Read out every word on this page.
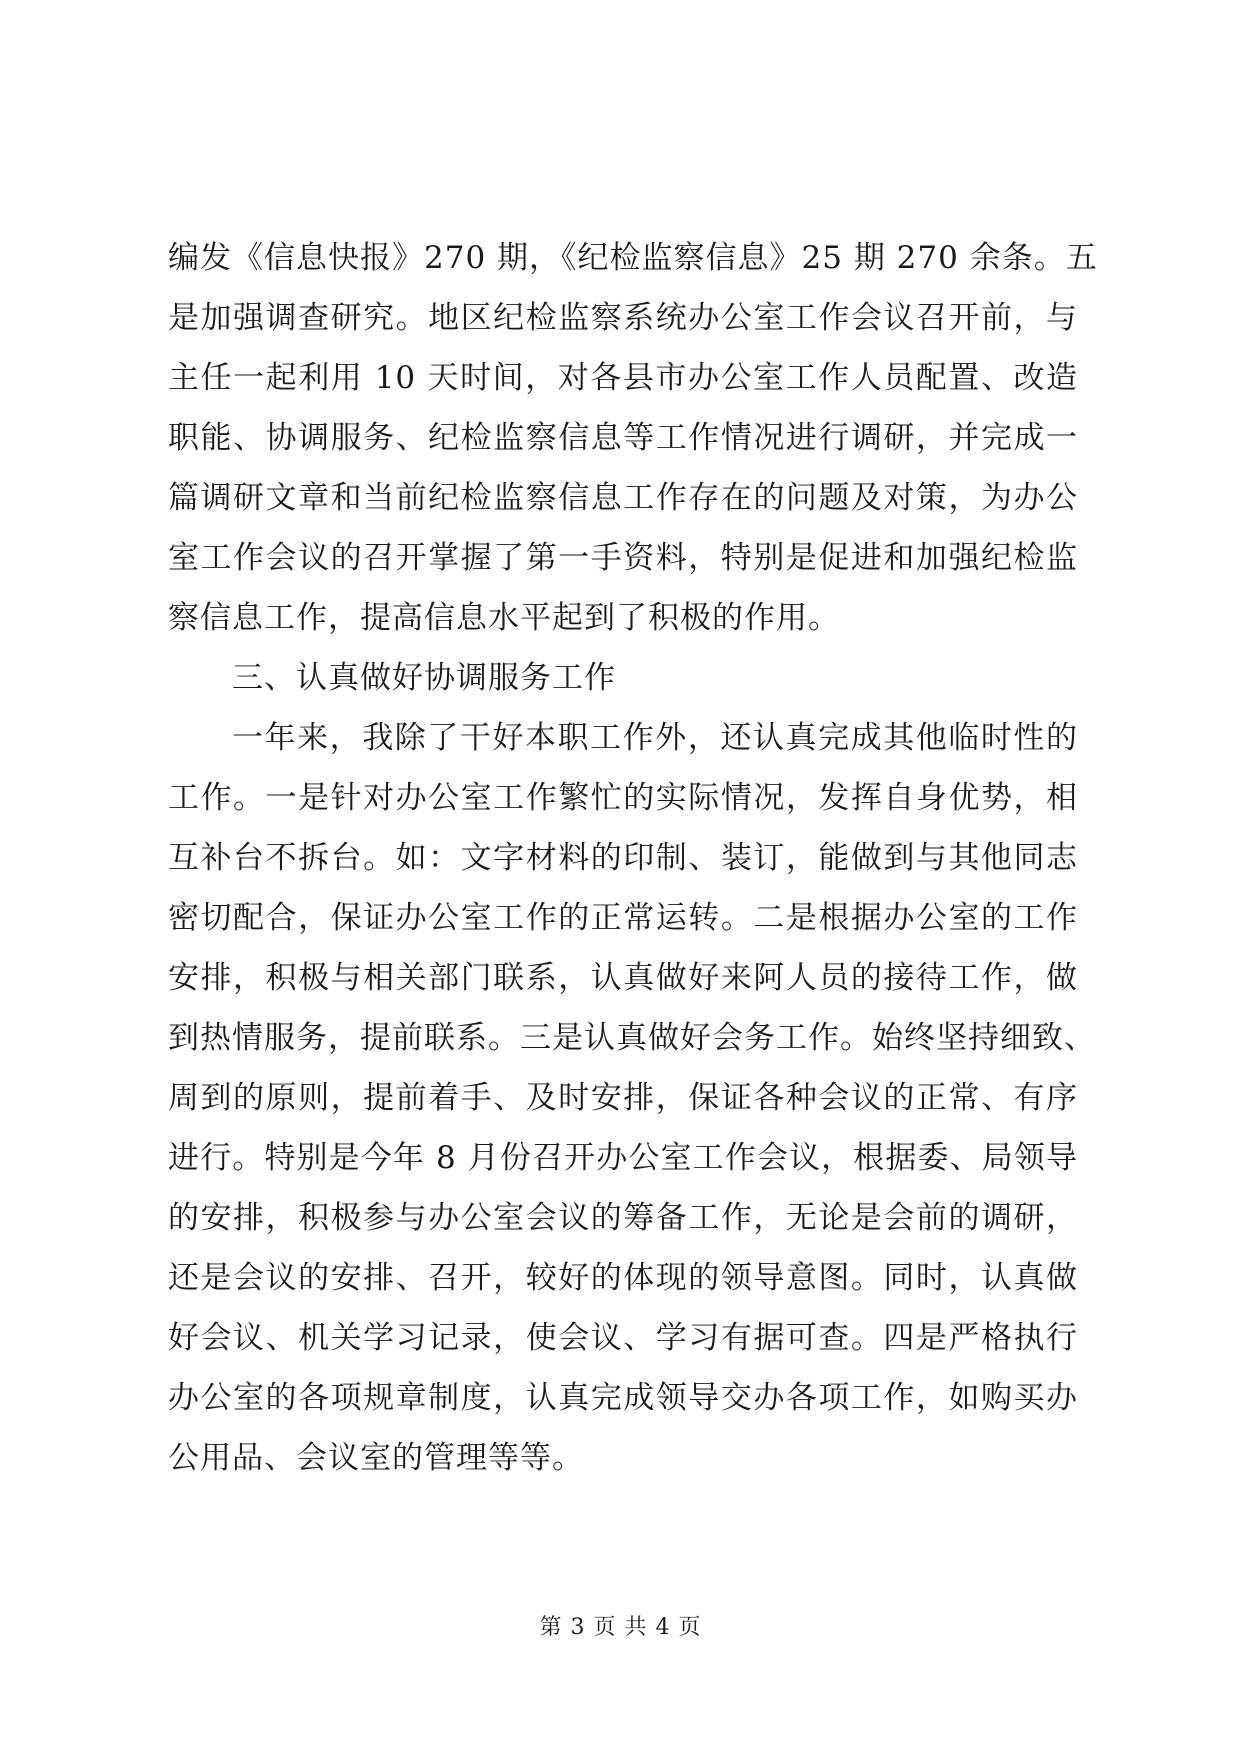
编发《信息快报》270 期，《纪检监察信息》25 期 270 余条。五
是加强调查研究。地区纪检监察系统办公室工作会议召开前，与
主任一起利用 10 天时间，对各县市办公室工作人员配置、改造
职能、协调服务、纪检监察信息等工作情况进行调研，并完成一
篇调研文章和当前纪检监察信息工作存在的问题及对策，为办公
室工作会议的召开掌握了第一手资料，特别是促进和加强纪检监
察信息工作，提高信息水平起到了积极的作用。
三、认真做好协调服务工作
一年来，我除了干好本职工作外，还认真完成其他临时性的
工作。一是针对办公室工作繁忙的实际情况，发挥自身优势，相
互补台不拆台。如：文字材料的印制、装订，能做到与其他同志
密切配合，保证办公室工作的正常运转。二是根据办公室的工作
安排，积极与相关部门联系，认真做好来阿人员的接待工作，做
到热情服务，提前联系。三是认真做好会务工作。始终坚持细致、
周到的原则，提前着手、及时安排，保证各种会议的正常、有序
进行。特别是今年 8 月份召开办公室工作会议，根据委、局领导
的安排，积极参与办公室会议的筹备工作，无论是会前的调研，
还是会议的安排、召开，较好的体现的领导意图。同时，认真做
好会议、机关学习记录，使会议、学习有据可查。四是严格执行
办公室的各项规章制度，认真完成领导交办各项工作，如购买办
公用品、会议室的管理等等。
第 3 页 共 4 页
